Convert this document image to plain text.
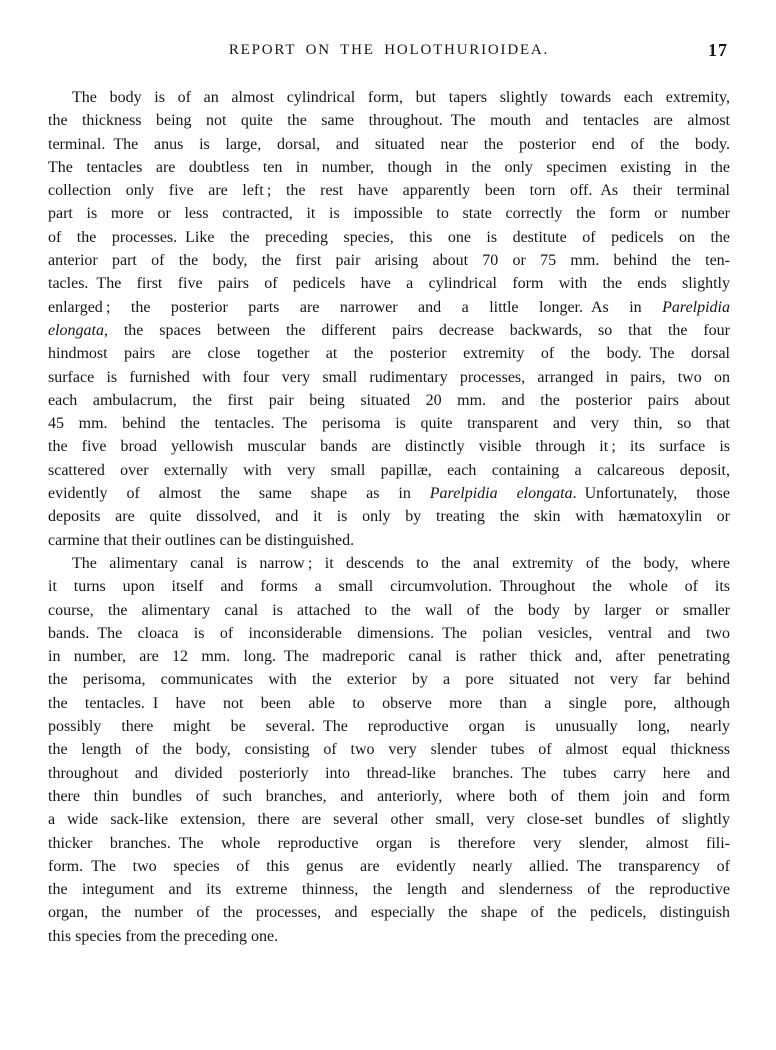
REPORT ON THE HOLOTHURIOIDEA.	17
The body is of an almost cylindrical form, but tapers slightly towards each extremity,
the thickness being not quite the same throughout. The mouth and tentacles are almost
terminal. The anus is large, dorsal, and situated near the posterior end of the body.
The tentacles are doubtless ten in number, though in the only specimen existing in the
collection only five are left ; the rest have apparently been torn off. As their terminal
part is more or less contracted, it is impossible to state correctly the form or number
of the processes. Like the preceding species, this one is destitute of pedicels on the
anterior part of the body, the first pair arising about 70 or 75 mm. behind the ten-
tacles. The first five pairs of pedicels have a cylindrical form with the ends slightly
enlarged ; the posterior parts are narrower and a little longer. As in Parelpidia
elongata, the spaces between the different pairs decrease backwards, so that the four
hindmost pairs are close together at the posterior extremity of the body. The dorsal
surface is furnished with four very small rudimentary processes, arranged in pairs, two on
each ambulacrum, the first pair being situated 20 mm. and the posterior pairs about
45 mm. behind the tentacles. The perisoma is quite transparent and very thin, so that
the five broad yellowish muscular bands are distinctly visible through it ; its surface is
scattered over externally with very small papillæ, each containing a calcareous deposit,
evidently of almost the same shape as in Parelpidia elongata. Unfortunately, those
deposits are quite dissolved, and it is only by treating the skin with hæmatoxylin or
carmine that their outlines can be distinguished.
The alimentary canal is narrow ; it descends to the anal extremity of the body, where
it turns upon itself and forms a small circumvolution. Throughout the whole of its
course, the alimentary canal is attached to the wall of the body by larger or smaller
bands. The cloaca is of inconsiderable dimensions. The polian vesicles, ventral and two
in number, are 12 mm. long. The madreporic canal is rather thick and, after penetrating
the perisoma, communicates with the exterior by a pore situated not very far behind
the tentacles. I have not been able to observe more than a single pore, although
possibly there might be several. The reproductive organ is unusually long, nearly
the length of the body, consisting of two very slender tubes of almost equal thickness
throughout and divided posteriorly into thread-like branches. The tubes carry here and
there thin bundles of such branches, and anteriorly, where both of them join and form
a wide sack-like extension, there are several other small, very close-set bundles of slightly
thicker branches. The whole reproductive organ is therefore very slender, almost fili-
form. The two species of this genus are evidently nearly allied. The transparency of
the integument and its extreme thinness, the length and slenderness of the reproductive
organ, the number of the processes, and especially the shape of the pedicels, distinguish
this species from the preceding one.
